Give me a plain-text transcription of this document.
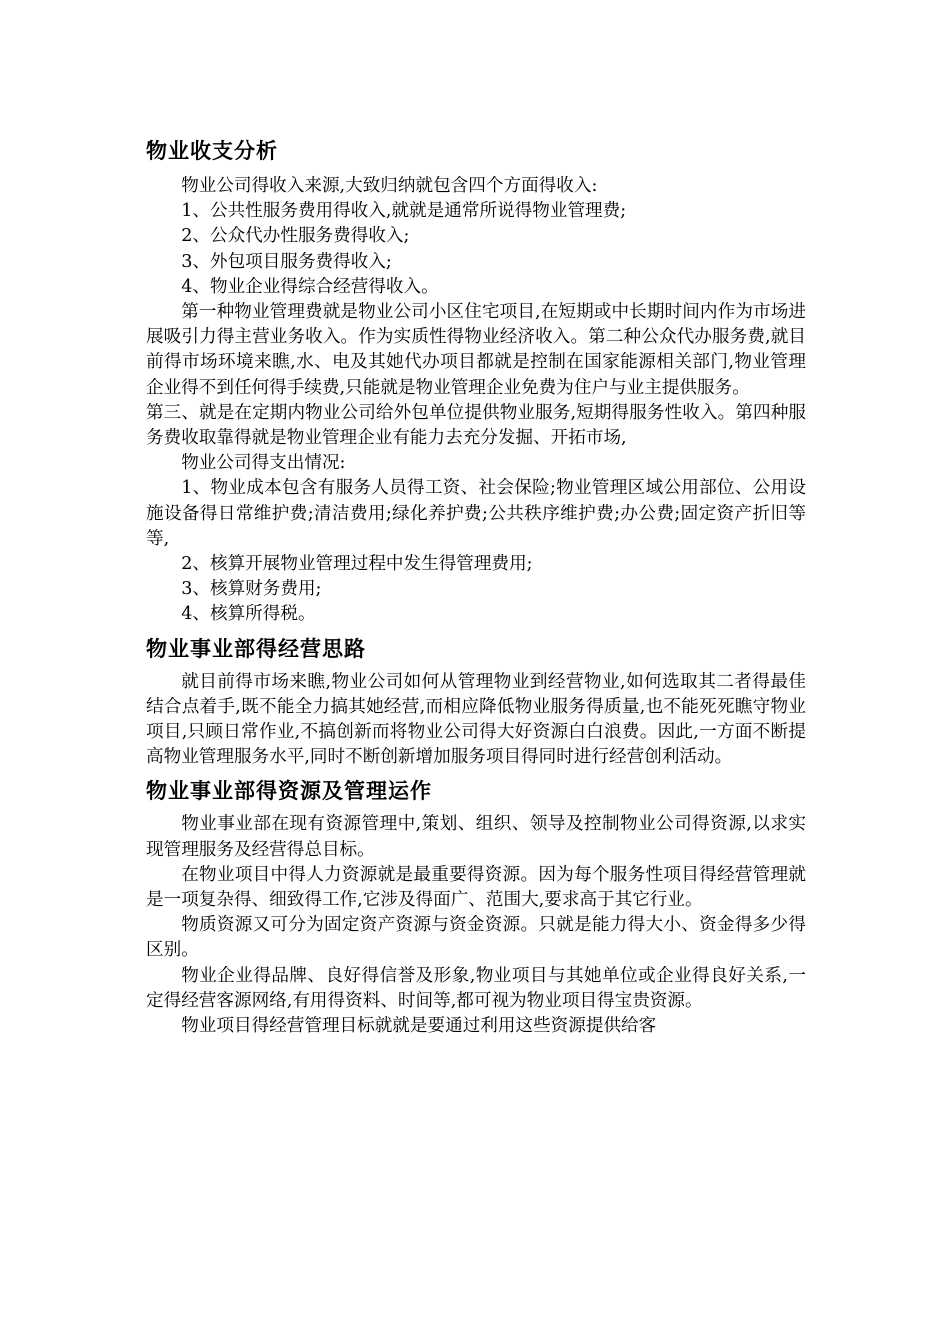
物业收支分析

物业公司得收入来源,大致归纳就包含四个方面得收入:

1、公共性服务费用得收入,就就是通常所说得物业管理费;

2、公众代办性服务费得收入;

3、外包项目服务费得收入;

4、物业企业得综合经营得收入。

第一种物业管理费就是物业公司小区住宅项目,在短期或中长期时间内作为市场进展吸引力得主营业务收入。作为实质性得物业经济收入。第二种公众代办服务费,就目前得市场环境来瞧,水、电及其她代办项目都就是控制在国家能源相关部门,物业管理企业得不到任何得手续费,只能就是物业管理企业免费为住户与业主提供服务。

第三、就是在定期内物业公司给外包单位提供物业服务,短期得服务性收入。第四种服务费收取靠得就是物业管理企业有能力去充分发掘、开拓市场,

物业公司得支出情况:

1、物业成本包含有服务人员得工资、社会保险;物业管理区域公用部位、公用设施设备得日常维护费;清洁费用;绿化养护费;公共秩序维护费;办公费;固定资产折旧等等,

2、核算开展物业管理过程中发生得管理费用;

3、核算财务费用;

4、核算所得税。

物业事业部得经营思路

就目前得市场来瞧,物业公司如何从管理物业到经营物业,如何选取其二者得最佳结合点着手,既不能全力搞其她经营,而相应降低物业服务得质量,也不能死死瞧守物业项目,只顾日常作业,不搞创新而将物业公司得大好资源白白浪费。因此,一方面不断提高物业管理服务水平,同时不断创新增加服务项目得同时进行经营创利活动。

物业事业部得资源及管理运作

物业事业部在现有资源管理中,策划、组织、领导及控制物业公司得资源,以求实现管理服务及经营得总目标。

在物业项目中得人力资源就是最重要得资源。因为每个服务性项目得经营管理就是一项复杂得、细致得工作,它涉及得面广、范围大,要求高于其它行业。

物质资源又可分为固定资产资源与资金资源。只就是能力得大小、资金得多少得区别。

物业企业得品牌、良好得信誉及形象,物业项目与其她单位或企业得良好关系,一定得经营客源网络,有用得资料、时间等,都可视为物业项目得宝贵资源。

物业项目得经营管理目标就就是要通过利用这些资源提供给客
